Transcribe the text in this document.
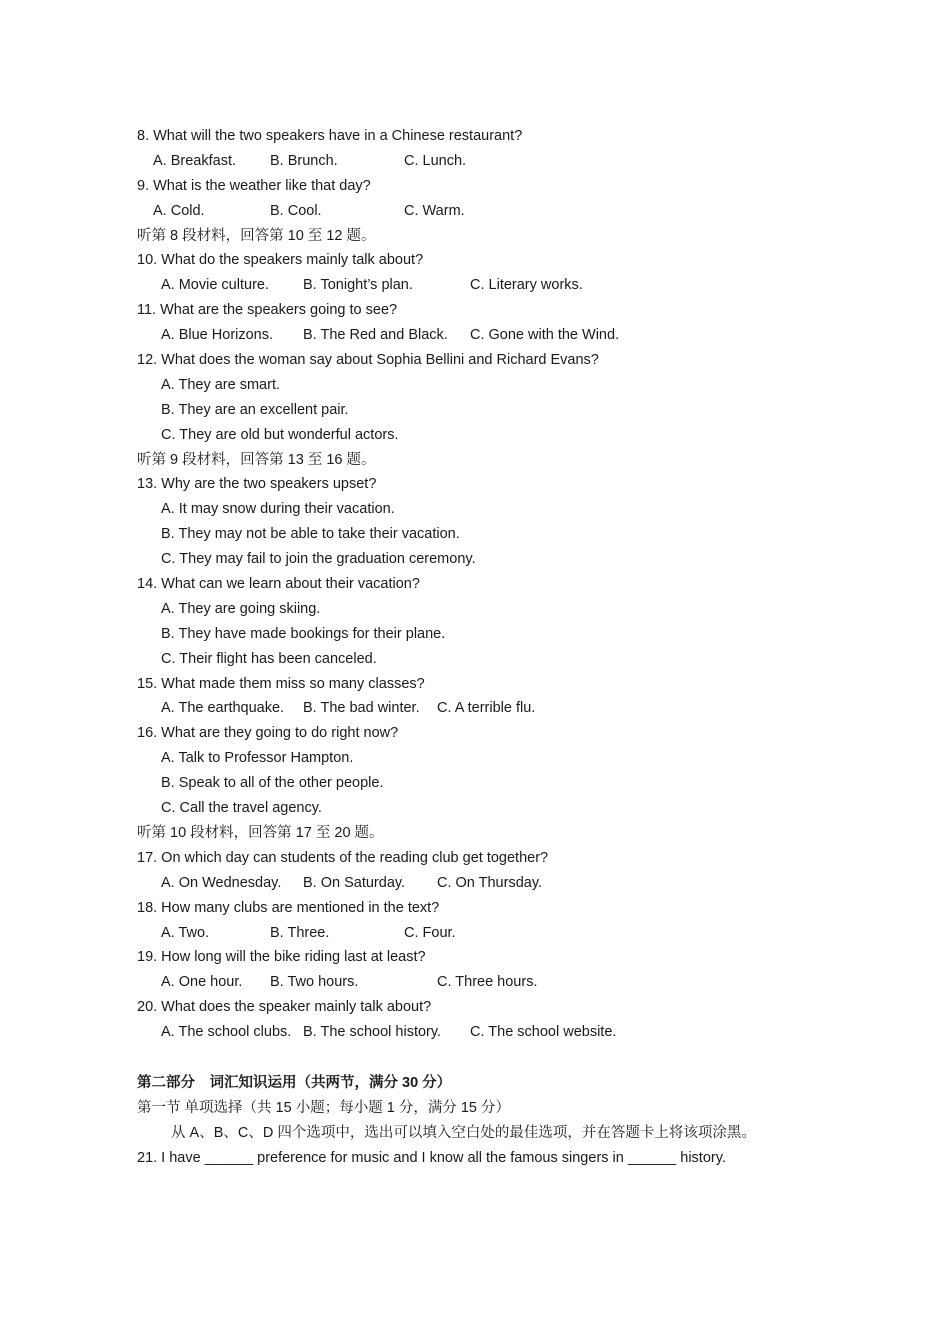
8. What will the two speakers have in a Chinese restaurant?
A. Breakfast.	B. Brunch.	C. Lunch.
9. What is the weather like that day?
A. Cold.	B. Cool.	C. Warm.
听第 8 段材料，回答第 10 至 12 题。
10. What do the speakers mainly talk about?
A. Movie culture.	B. Tonight’s plan.	C. Literary works.
11. What are the speakers going to see?
A. Blue Horizons.	B. The Red and Black.	C. Gone with the Wind.
12. What does the woman say about Sophia Bellini and Richard Evans?
A. They are smart.
B. They are an excellent pair.
C. They are old but wonderful actors.
听第 9 段材料，回答第 13 至 16 题。
13. Why are the two speakers upset?
A. It may snow during their vacation.
B. They may not be able to take their vacation.
C. They may fail to join the graduation ceremony.
14. What can we learn about their vacation?
A. They are going skiing.
B. They have made bookings for their plane.
C. Their flight has been canceled.
15. What made them miss so many classes?
A. The earthquake.	B. The bad winter.	C. A terrible flu.
16. What are they going to do right now?
A. Talk to Professor Hampton.
B. Speak to all of the other people.
C. Call the travel agency.
听第 10 段材料，回答第 17 至 20 题。
17. On which day can students of the reading club get together?
A. On Wednesday.	B. On Saturday.	C. On Thursday.
18. How many clubs are mentioned in the text?
A. Two.	B. Three.	C. Four.
19. How long will the bike riding last at least?
A. One hour.	B. Two hours.	C. Three hours.
20. What does the speaker mainly talk about?
A. The school clubs. B. The school history.	C. The school website.
第二部分　词汇知识运用（共两节，满分 30 分）
第一节 单项选择（共 15 小题；每小题 1 分，满分 15 分）
从 A、B、C、D 四个选项中，选出可以填入空白处的最佳选项，并在答题卡上将该项涂黑。
21. I have ______ preference for music and I know all the famous singers in ______ history.
